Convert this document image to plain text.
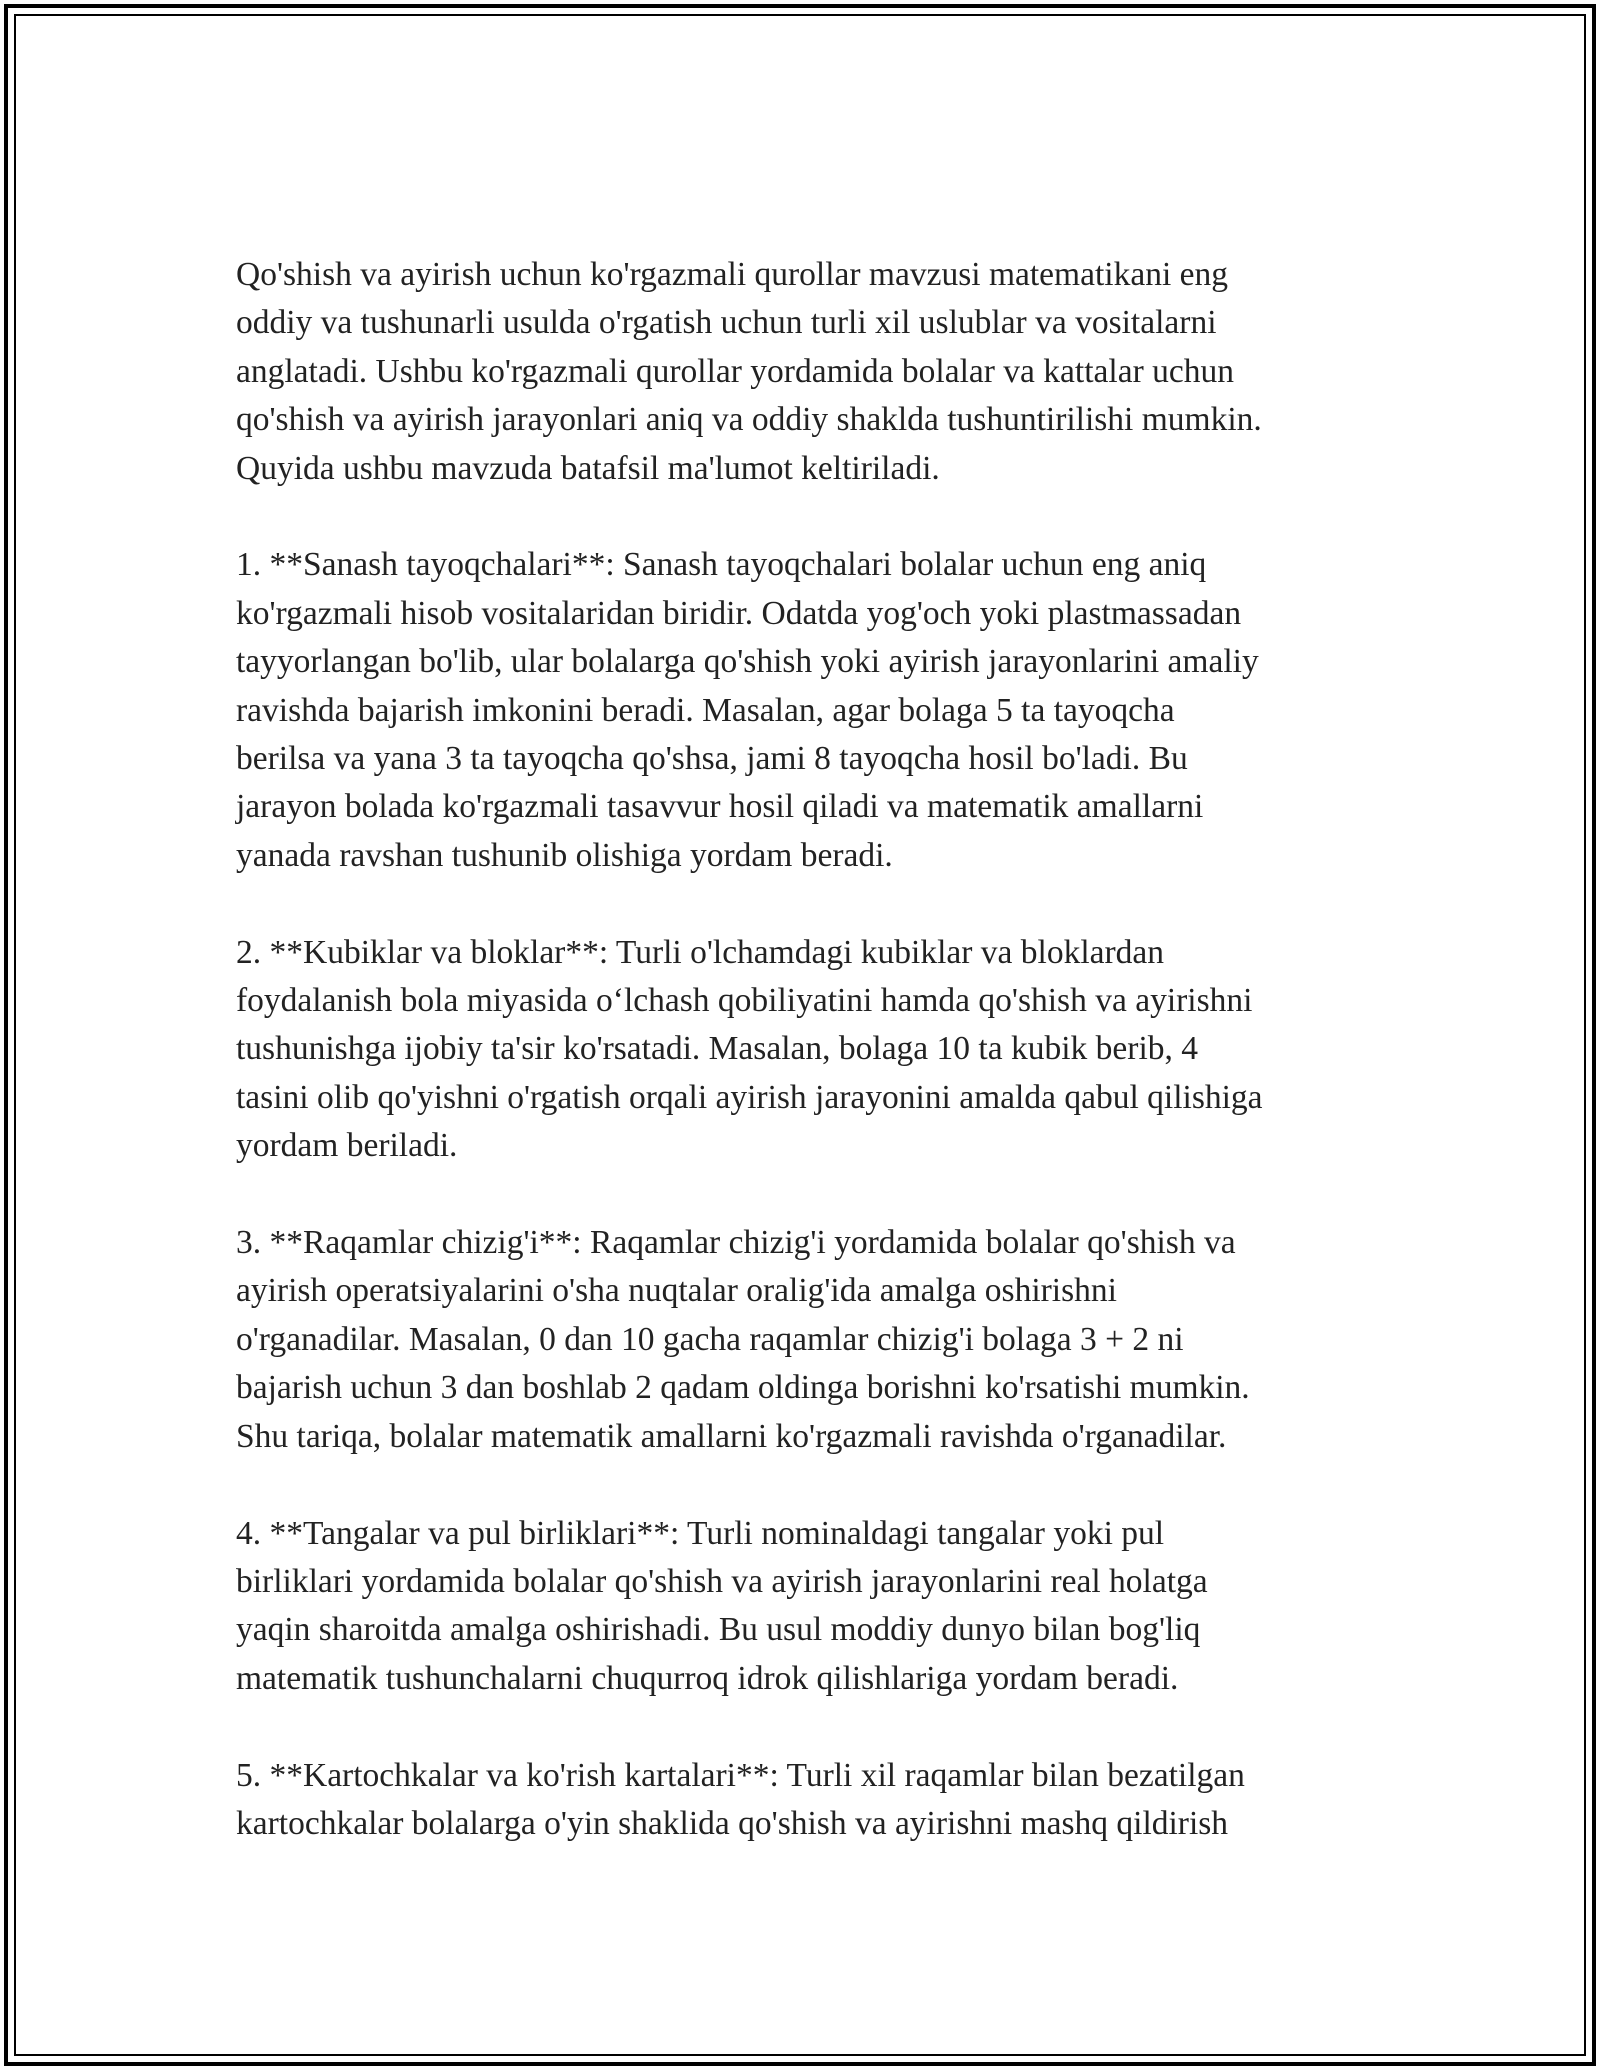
Qo'shish va ayirish uchun ko'rgazmali qurollar mavzusi matematikani eng
oddiy va tushunarli usulda o'rgatish uchun turli xil uslublar va vositalarni
anglatadi. Ushbu ko'rgazmali qurollar yordamida bolalar va kattalar uchun
qo'shish va ayirish jarayonlari aniq va oddiy shaklda tushuntirilishi mumkin.
Quyida ushbu mavzuda batafsil ma'lumot keltiriladi.
1. **Sanash tayoqchalari**: Sanash tayoqchalari bolalar uchun eng aniq
ko'rgazmali hisob vositalaridan biridir. Odatda yog'och yoki plastmassadan
tayyorlangan bo'lib, ular bolalarga qo'shish yoki ayirish jarayonlarini amaliy
ravishda bajarish imkonini beradi. Masalan, agar bolaga 5 ta tayoqcha
berilsa va yana 3 ta tayoqcha qo'shsa, jami 8 tayoqcha hosil bo'ladi. Bu
jarayon bolada ko'rgazmali tasavvur hosil qiladi va matematik amallarni
yanada ravshan tushunib olishiga yordam beradi.
2. **Kubiklar va bloklar**: Turli o'lchamdagi kubiklar va bloklardan
foydalanish bola miyasida o‘lchash qobiliyatini hamda qo'shish va ayirishni
tushunishga ijobiy ta'sir ko'rsatadi. Masalan, bolaga 10 ta kubik berib, 4
tasini olib qo'yishni o'rgatish orqali ayirish jarayonini amalda qabul qilishiga
yordam beriladi.
3. **Raqamlar chizig'i**: Raqamlar chizig'i yordamida bolalar qo'shish va
ayirish operatsiyalarini o'sha nuqtalar oralig'ida amalga oshirishni
o'rganadilar. Masalan, 0 dan 10 gacha raqamlar chizig'i bolaga 3 + 2 ni
bajarish uchun 3 dan boshlab 2 qadam oldinga borishni ko'rsatishi mumkin.
Shu tariqa, bolalar matematik amallarni ko'rgazmali ravishda o'rganadilar.
4. **Tangalar va pul birliklari**: Turli nominaldagi tangalar yoki pul
birliklari yordamida bolalar qo'shish va ayirish jarayonlarini real holatga
yaqin sharoitda amalga oshirishadi. Bu usul moddiy dunyo bilan bog'liq
matematik tushunchalarni chuqurroq idrok qilishlariga yordam beradi.
5. **Kartochkalar va ko'rish kartalari**: Turli xil raqamlar bilan bezatilgan
kartochkalar bolalarga o'yin shaklida qo'shish va ayirishni mashq qildirish
